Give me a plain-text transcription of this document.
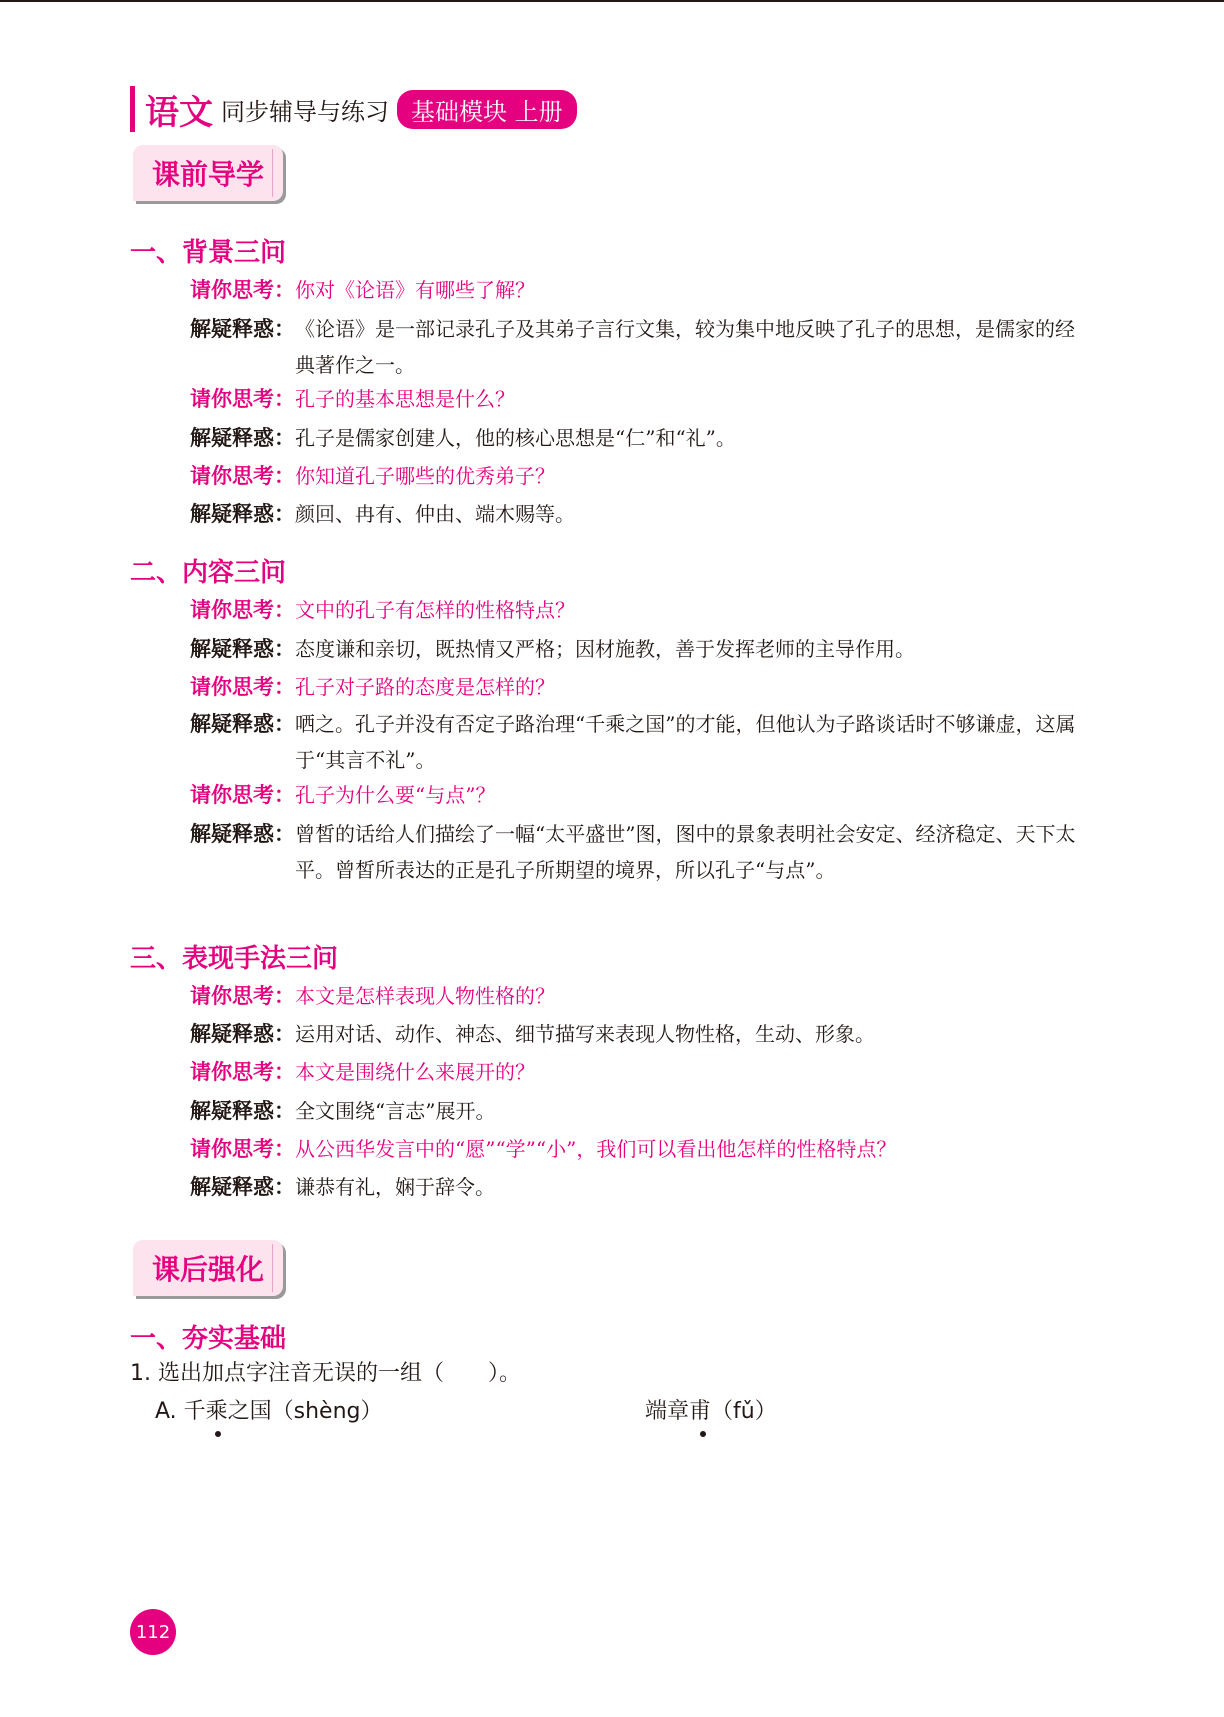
语文 同步辅导与练习 基础模块 上册
课前导学
一、背景三问
请你思考：你对《论语》有哪些了解？
解疑释惑： 《论语》是一部记录孔子及其弟子言行文集，较为集中地反映了孔子的思想，是儒家的经典著作之一。
请你思考：孔子的基本思想是什么？
解疑释惑：孔子是儒家创建人，他的核心思想是“仁”和“礼”。
请你思考：你知道孔子哪些的优秀弟子？
解疑释惑：颜回、冉有、仲由、端木赐等。
二、内容三问
请你思考：文中的孔子有怎样的性格特点？
解疑释惑：态度谦和亲切，既热情又严格；因材施教，善于发挥老师的主导作用。
请你思考：孔子对子路的态度是怎样的？
解疑释惑： 哂之。孔子并没有否定子路治理“千乘之国”的才能，但他认为子路谈话时不够谦虚，这属于“其言不礼”。
请你思考：孔子为什么要“与点”？
解疑释惑： 曾皙的话给人们描绘了一幅“太平盛世”图，图中的景象表明社会安定、经济稳定、天下太平。曾皙所表达的正是孔子所期望的境界，所以孔子“与点”。
三、表现手法三问
请你思考：本文是怎样表现人物性格的？
解疑释惑：运用对话、动作、神态、细节描写来表现人物性格，生动、形象。
请你思考：本文是围绕什么来展开的？
解疑释惑：全文围绕“言志”展开。
请你思考：从公西华发言中的“愿”“学”“小”，我们可以看出他怎样的性格特点？
解疑释惑：谦恭有礼，娴于辞令。
课后强化
一、夯实基础
1. 选出加点字注音无误的一组（　　）。
A. 千乘之国（shèng）	端章甫（fǔ）
112
